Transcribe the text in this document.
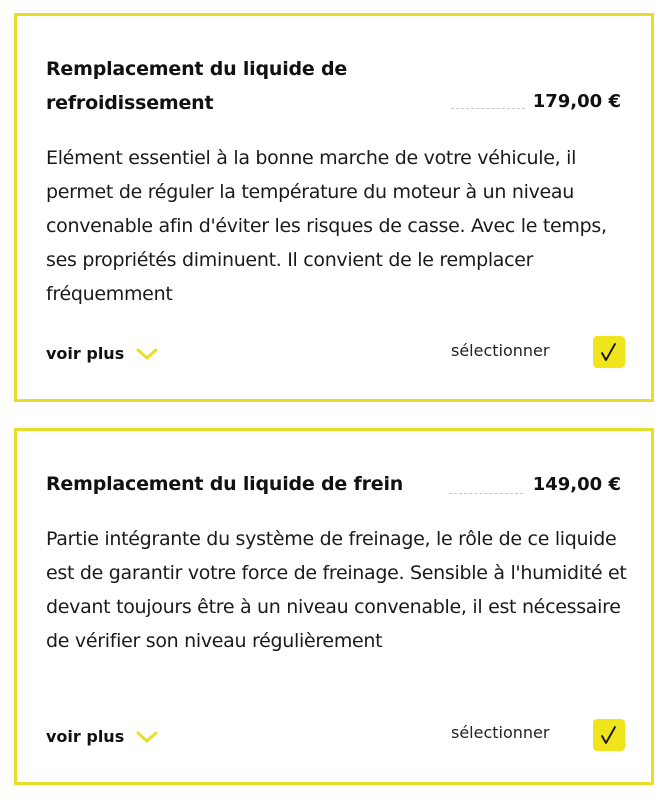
Remplacement du liquide de refroidissement	179,00 €
Elément essentiel à la bonne marche de votre véhicule, il permet de réguler la température du moteur à un niveau convenable afin d'éviter les risques de casse. Avec le temps, ses propriétés diminuent. Il convient de le remplacer fréquemment
voir plus	sélectionner
Remplacement du liquide de frein	149,00 €
Partie intégrante du système de freinage, le rôle de ce liquide est de garantir votre force de freinage. Sensible à l'humidité et devant toujours être à un niveau convenable, il est nécessaire de vérifier son niveau régulièrement
voir plus	sélectionner
